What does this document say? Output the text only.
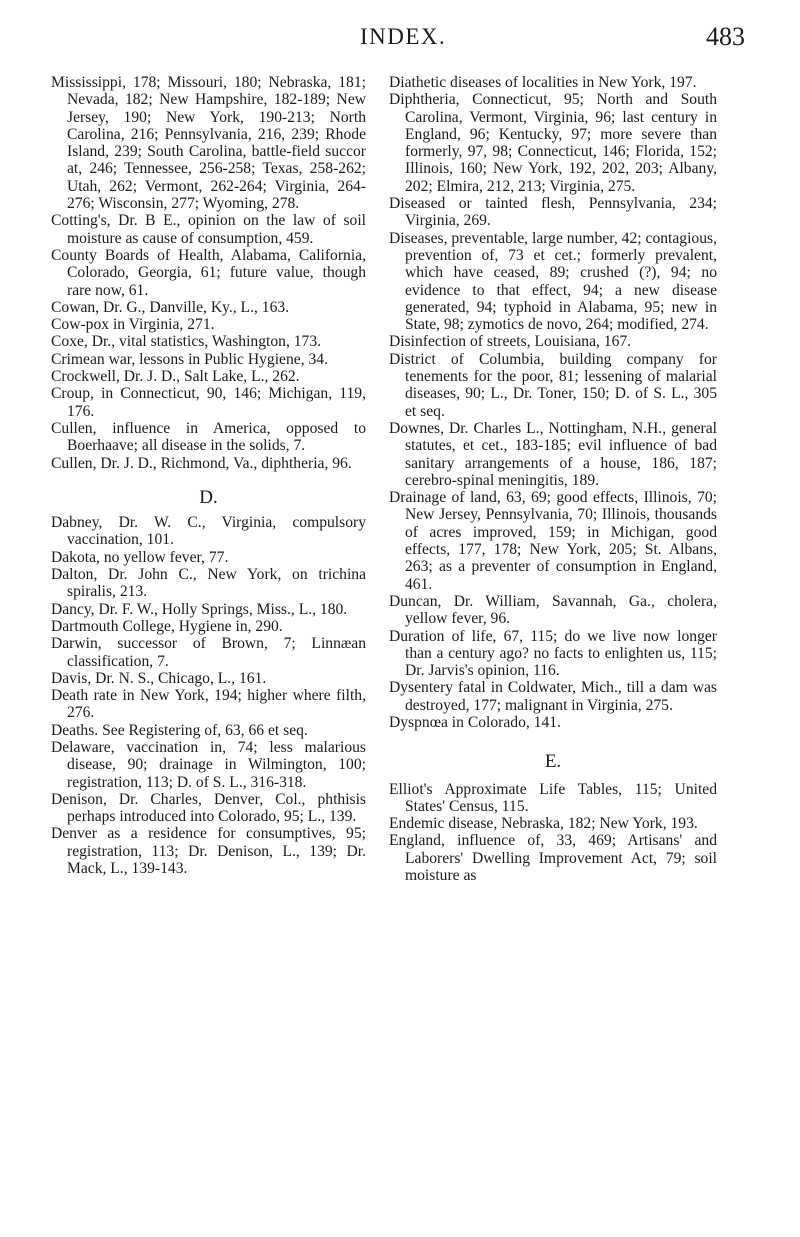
INDEX.	483

Mississippi, 178; Missouri, 180; Nebraska, 181; Nevada, 182; New Hampshire, 182-189; New Jersey, 190; New York, 190-213; North Carolina, 216; Pennsylvania, 216, 239; Rhode Island, 239; South Carolina, battle-field succor at, 246; Tennessee, 256-258; Texas, 258-262; Utah, 262; Vermont, 262-264; Virginia, 264-276; Wisconsin, 277; Wyoming, 278.

Cotting's, Dr. B E., opinion on the law of soil moisture as cause of consumption, 459.

County Boards of Health, Alabama, California, Colorado, Georgia, 61; future value, though rare now, 61.

Cowan, Dr. G., Danville, Ky., L., 163.

Cow-pox in Virginia, 271.

Coxe, Dr., vital statistics, Washington, 173.

Crimean war, lessons in Public Hygiene, 34.

Crockwell, Dr. J. D., Salt Lake, L., 262.

Croup, in Connecticut, 90, 146; Michigan, 119, 176.

Cullen, influence in America, opposed to Boerhaave; all disease in the solids, 7.

Cullen, Dr. J. D., Richmond, Va., diphtheria, 96.

D.

Dabney, Dr. W. C., Virginia, compulsory vaccination, 101.

Dakota, no yellow fever, 77.

Dalton, Dr. John C., New York, on trichina spiralis, 213.

Dancy, Dr. F. W., Holly Springs, Miss., L., 180.

Dartmouth College, Hygiene in, 290.

Darwin, successor of Brown, 7; Linnæan classification, 7.

Davis, Dr. N. S., Chicago, L., 161.

Death rate in New York, 194; higher where filth, 276.

Deaths. See Registering of, 63, 66 et seq.

Delaware, vaccination in, 74; less malarious disease, 90; drainage in Wilmington, 100; registration, 113; D. of S. L., 316-318.

Denison, Dr. Charles, Denver, Col., phthisis perhaps introduced into Colorado, 95; L., 139.

Denver as a residence for consumptives, 95; registration, 113; Dr. Denison, L., 139; Dr. Mack, L., 139-143.

Diathetic diseases of localities in New York, 197.

Diphtheria, Connecticut, 95; North and South Carolina, Vermont, Virginia, 96; last century in England, 96; Kentucky, 97; more severe than formerly, 97, 98; Connecticut, 146; Florida, 152; Illinois, 160; New York, 192, 202, 203; Albany, 202; Elmira, 212, 213; Virginia, 275.

Diseased or tainted flesh, Pennsylvania, 234; Virginia, 269.

Diseases, preventable, large number, 42; contagious, prevention of, 73 et cet.; formerly prevalent, which have ceased, 89; crushed (?), 94; no evidence to that effect, 94; a new disease generated, 94; typhoid in Alabama, 95; new in State, 98; zymotics de novo, 264; modified, 274.

Disinfection of streets, Louisiana, 167.

District of Columbia, building company for tenements for the poor, 81; lessening of malarial diseases, 90; L., Dr. Toner, 150; D. of S. L., 305 et seq.

Downes, Dr. Charles L., Nottingham, N.H., general statutes, et cet., 183-185; evil influence of bad sanitary arrangements of a house, 186, 187; cerebro-spinal meningitis, 189.

Drainage of land, 63, 69; good effects, Illinois, 70; New Jersey, Pennsylvania, 70; Illinois, thousands of acres improved, 159; in Michigan, good effects, 177, 178; New York, 205; St. Albans, 263; as a preventer of consumption in England, 461.

Duncan, Dr. William, Savannah, Ga., cholera, yellow fever, 96.

Duration of life, 67, 115; do we live now longer than a century ago? no facts to enlighten us, 115; Dr. Jarvis's opinion, 116.

Dysentery fatal in Coldwater, Mich., till a dam was destroyed, 177; malignant in Virginia, 275.

Dyspnœa in Colorado, 141.

E.

Elliot's Approximate Life Tables, 115; United States' Census, 115.

Endemic disease, Nebraska, 182; New York, 193.

England, influence of, 33, 469; Artisans' and Laborers' Dwelling Improvement Act, 79; soil moisture as
